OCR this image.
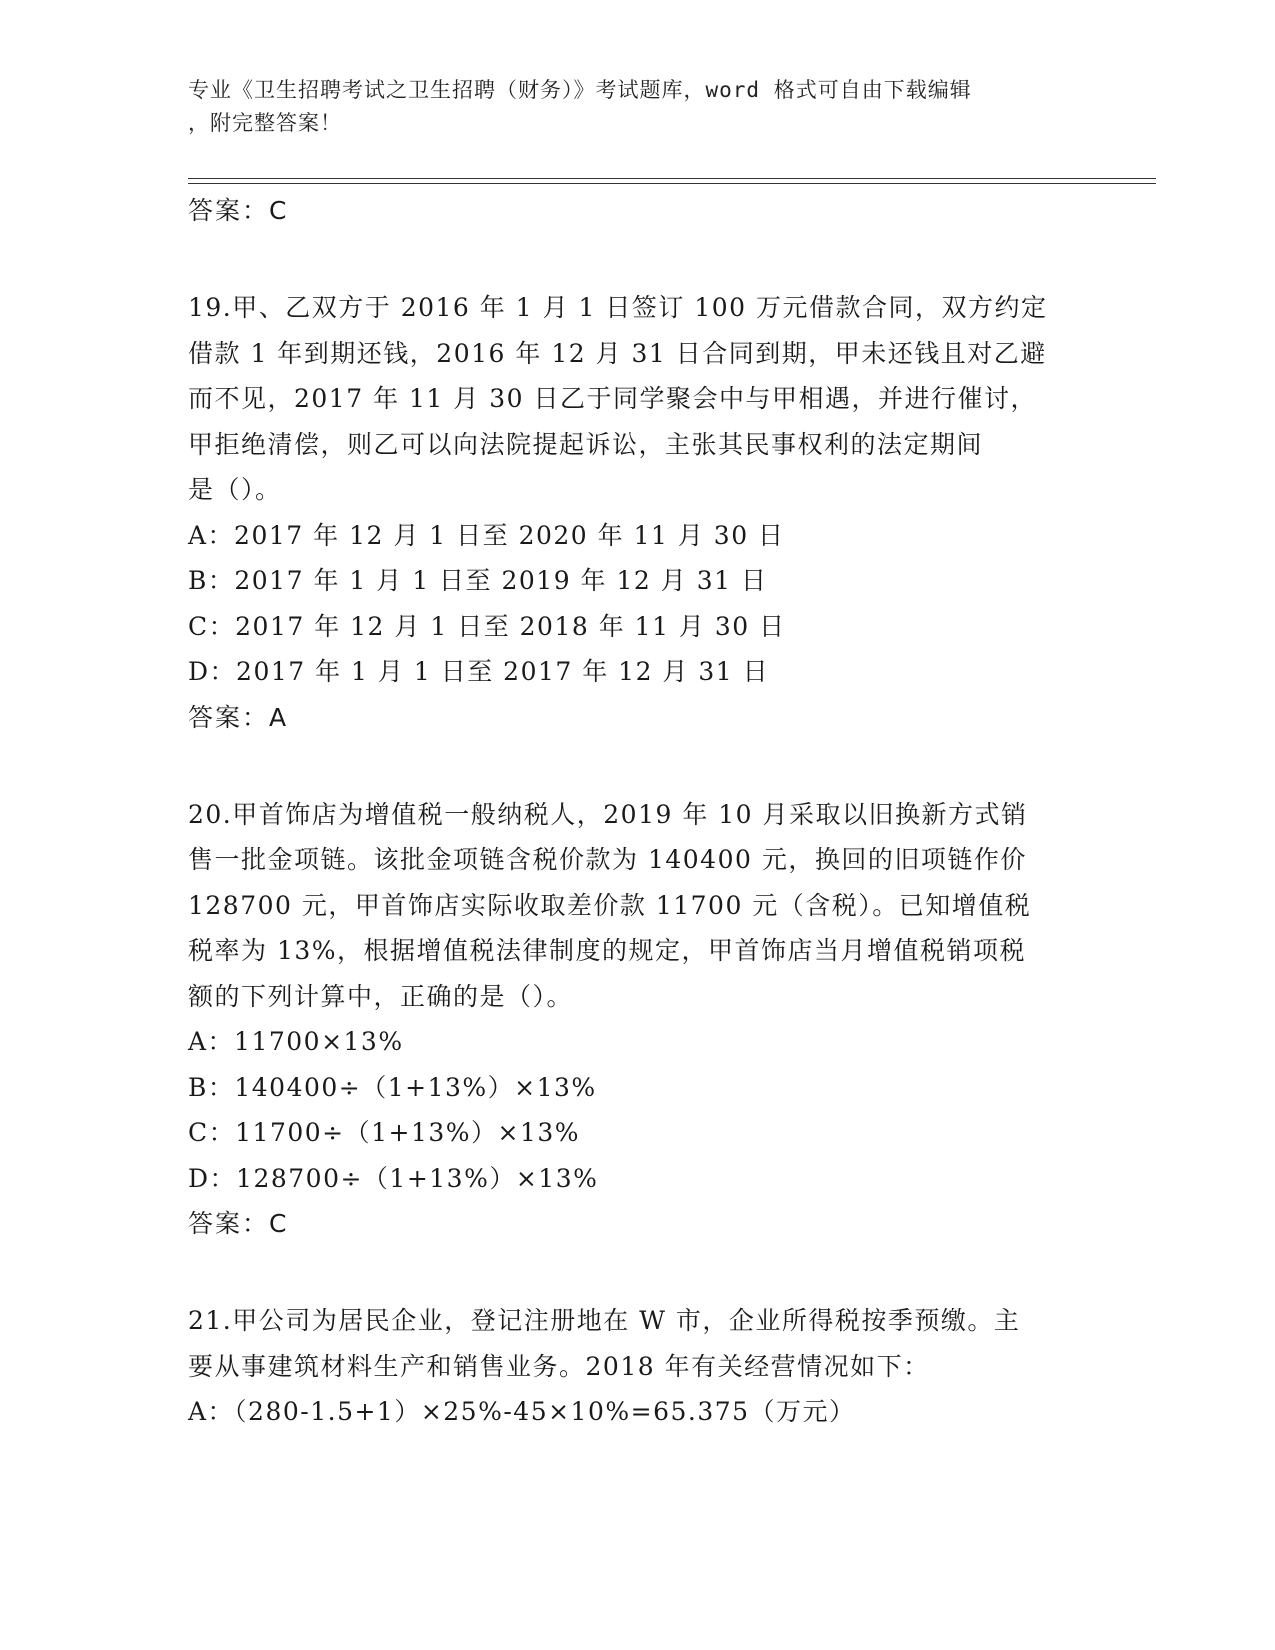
专业《卫生招聘考试之卫生招聘（财务）》考试题库，word 格式可自由下载编辑
，附完整答案！
答案：C

19.甲、乙双方于 2016 年 1 月 1 日签订 100 万元借款合同，双方约定
借款 1 年到期还钱，2016 年 12 月 31 日合同到期，甲未还钱且对乙避
而不见，2017 年 11 月 30 日乙于同学聚会中与甲相遇，并进行催讨，
甲拒绝清偿，则乙可以向法院提起诉讼，主张其民事权利的法定期间
是（）。

A：2017 年 12 月 1 日至 2020 年 11 月 30 日

B：2017 年 1 月 1 日至 2019 年 12 月 31 日

C：2017 年 12 月 1 日至 2018 年 11 月 30 日

D：2017 年 1 月 1 日至 2017 年 12 月 31 日

答案：A

20.甲首饰店为增值税一般纳税人，2019 年 10 月采取以旧换新方式销
售一批金项链。该批金项链含税价款为 140400 元，换回的旧项链作价
128700 元，甲首饰店实际收取差价款 11700 元（含税）。已知增值税
税率为 13%，根据增值税法律制度的规定，甲首饰店当月增值税销项税
额的下列计算中，正确的是（）。

A：11700×13%

B：140400÷（1+13%）×13%

C：11700÷（1+13%）×13%

D：128700÷（1+13%）×13%

答案：C

21.甲公司为居民企业，登记注册地在 W 市，企业所得税按季预缴。主
要从事建筑材料生产和销售业务。2018 年有关经营情况如下：

A：（280-1.5+1）×25%-45×10%=65.375（万元）
